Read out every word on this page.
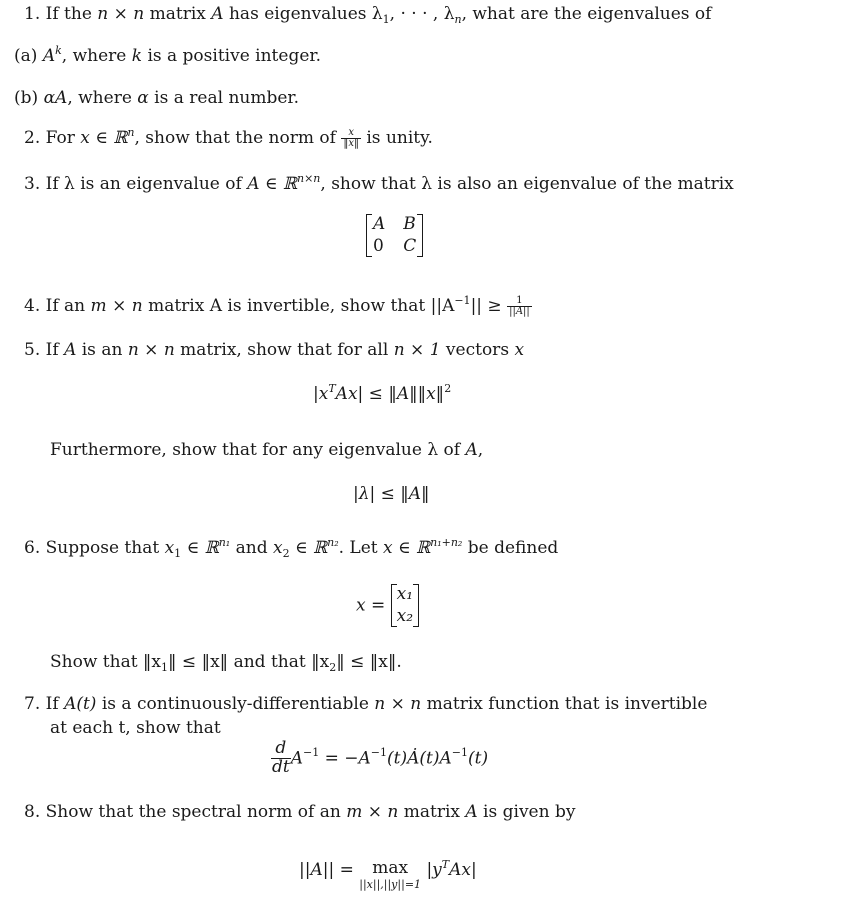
1. If the n × n matrix A has eigenvalues $\lambda_1$, · · · , $\lambda_n$, what are the eigenvalues of
(a) $A^k$, where k is a positive integer.
(b) αA, where α is a real number.
2. For x ∈ ℝ$^n$, show that the norm of $\frac{x}{‖x‖}$ is unity.
3. If λ is an eigenvalue of A ∈ ℝ$^{n\times n}$, show that λ is also an eigenvalue of the matrix
A B
0 C
4. If an m × n matrix A is invertible, show that $||A^{-1}|| \ge \frac{1}{||A||}$
5. If A is an n × n matrix, show that for all n × 1 vectors x
$|x^TAx|$ ≤ ‖A‖‖x‖$^2$
Furthermore, show that for any eigenvalue λ of A,
|λ| ≤ ‖A‖
6. Suppose that $x_1$ ∈ ℝ$^{n_1}$ and $x_2$ ∈ ℝ$^{n_2}$. Let x ∈ ℝ$^{n_1+n_2}$ be defined
x =
x₁
x₂
Show that $‖x_1‖$ ≤ ‖x‖ and that $‖x_2‖$ ≤ ‖x‖.
7. If A(t) is a continuously-differentiable n × n matrix function that is invertible
at each t, show that
$\frac{d}{dt} A^{-1}$ = $-A^{-1}(t)Ȧ(t)A^{-1}(t)$
8. Show that the spectral norm of an m × n matrix A is given by
||A|| =	max
||x||,||y||=1
$|y^TAx|$
